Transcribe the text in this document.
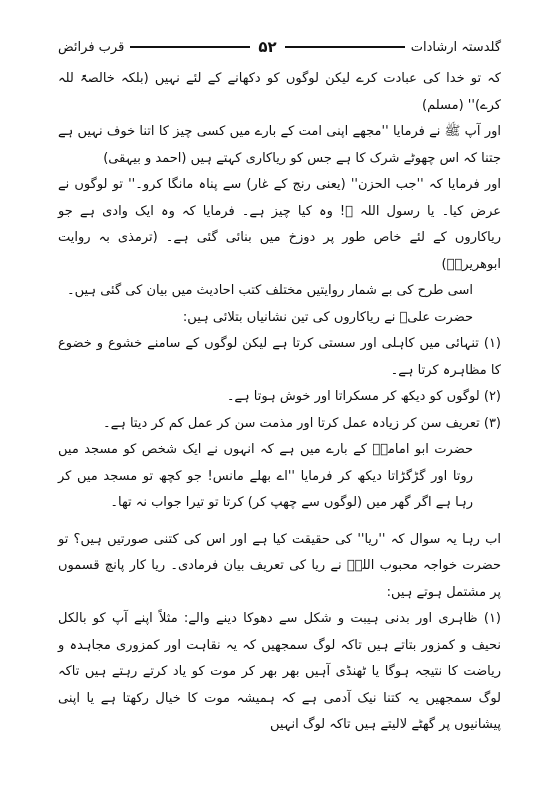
قرب فرائض	۵۲	گلدستہ ارشادات

کہ تو خدا کی عبادت کرے لیکن لوگوں کو دکھانے کے لئے نہیں (بلکہ خالصۃً للہ کرے)'' (مسلم)

اور آپ ﷺ نے فرمایا ''مجھے اپنی امت کے بارے میں کسی چیز کا اتنا خوف نہیں ہے جتنا کہ اس چھوٹے شرک کا ہے جس کو ریاکاری کہتے ہیں (احمد و بیہقی)

اور فرمایا کہ ''جب الحزن'' (یعنی رنج کے غار) سے پناہ مانگا کرو۔'' تو لوگوں نے عرض کیا۔ یا رسول اللہ ﷺ! وہ کیا چیز ہے۔ فرمایا کہ وہ ایک وادی ہے جو ریاکاروں کے لئے خاص طور پر دوزخ میں بنائی گئی ہے۔ (ترمذی بہ روایت ابوھریرہؓ)

اسی طرح کی بے شمار روایتیں مختلف کتب احادیث میں بیان کی گئی ہیں۔

حضرت علیؓ نے ریاکاروں کی تین نشانیاں بتلائی ہیں:

(۱) تنہائی میں کاہلی اور سستی کرتا ہے لیکن لوگوں کے سامنے خشوع و خضوع کا مظاہرہ کرتا ہے۔

(۲) لوگوں کو دیکھ کر مسکراتا اور خوش ہوتا ہے۔

(۳) تعریف سن کر زیادہ عمل کرتا اور مذمت سن کر عمل کم کر دیتا ہے۔

حضرت ابو امامہؓ کے بارے میں ہے کہ انہوں نے ایک شخص کو مسجد میں روتا اور گڑگڑاتا دیکھ کر فرمایا ''اے بھلے مانس! جو کچھ تو مسجد میں کر رہا ہے اگر گھر میں (لوگوں سے چھپ کر) کرتا تو تیرا جواب نہ تھا۔

اب رہا یہ سوال کہ ''ریا'' کی حقیقت کیا ہے اور اس کی کتنی صورتیں ہیں؟ تو حضرت خواجہ محبوب اللہؒ نے ریا کی تعریف بیان فرمادی۔ ریا کار پانچ قسموں پر مشتمل ہوتے ہیں:

(۱) ظاہری اور بدنی ہیبت و شکل سے دھوکا دینے والے: مثلاً اپنے آپ کو بالکل نحیف و کمزور بتاتے ہیں تاکہ لوگ سمجھیں کہ یہ نقاہت اور کمزوری مجاہدہ و ریاضت کا نتیجہ ہوگا یا ٹھنڈی آہیں بھر بھر کر موت کو یاد کرتے رہتے ہیں تاکہ لوگ سمجھیں یہ کتنا نیک آدمی ہے کہ ہمیشہ موت کا خیال رکھتا ہے یا اپنی پیشانیوں پر گھٹے لالیتے ہیں تاکہ لوگ انہیں
